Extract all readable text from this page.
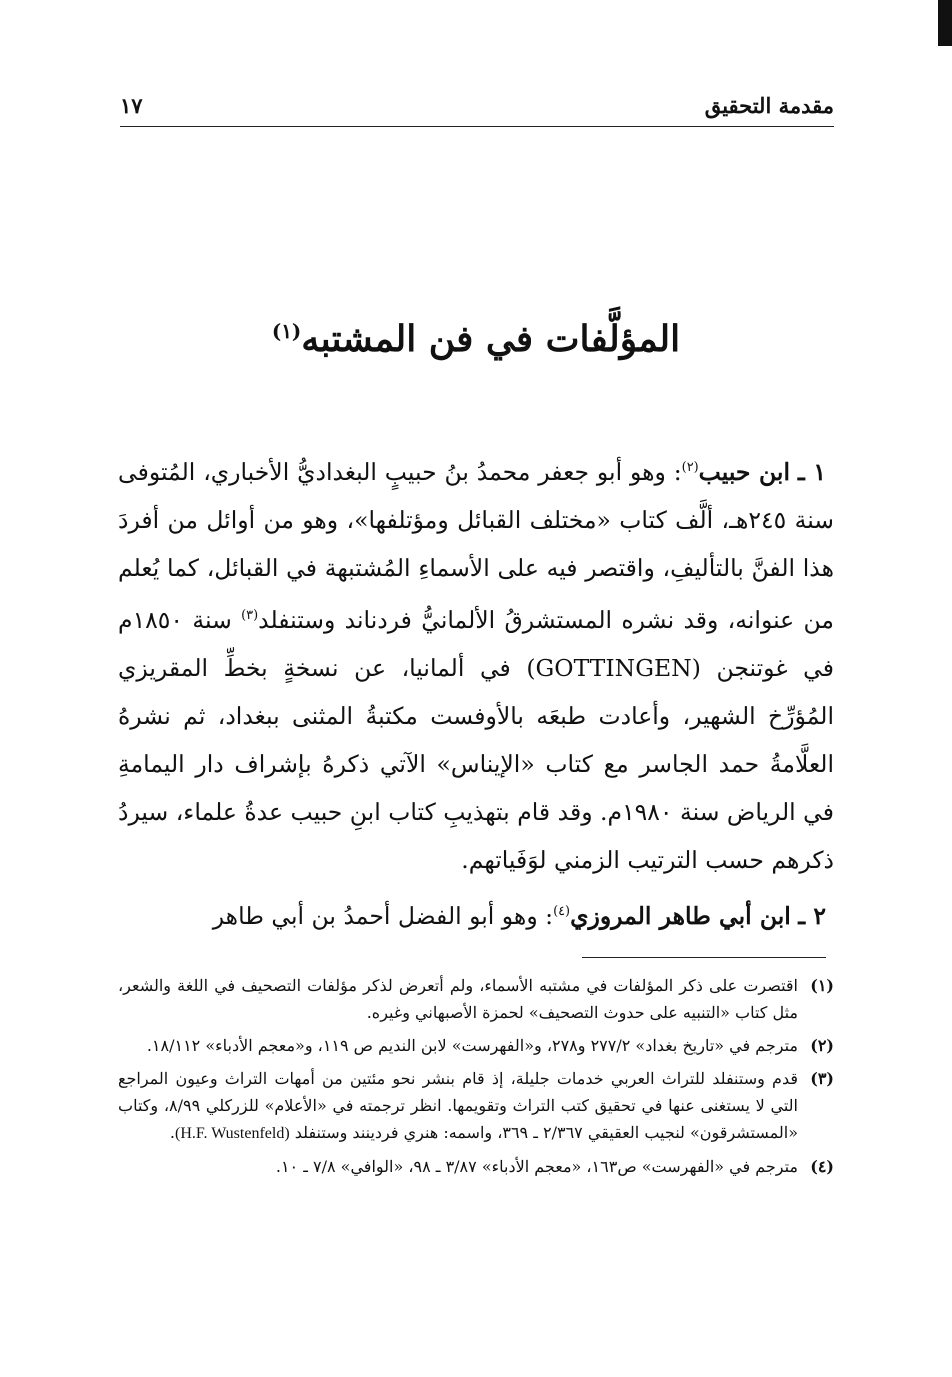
مقدمة التحقيق
١٧
المؤلَّفات في فن المشتبه$^{(١)}$

١ ـ ابن حبيب$^{(٢)}$: وهو أبو جعفر محمدُ بنُ حبيبٍ البغداديُّ الأخباري، المُتوفى سنة ٢٤٥هـ، ألَّف كتاب «مختلف القبائل ومؤتلفها»، وهو من أوائل من أفردَ هذا الفنَّ بالتأليفِ، واقتصر فيه على الأسماءِ المُشتبهة في القبائل، كما يُعلم من عنوانه، وقد نشره المستشرقُ الألمانيُّ فردناند وستنفلد$^{(٣)}$ سنة ١٨٥٠م في غوتنجن (GOTTINGEN) في ألمانيا، عن نسخةٍ بخطِّ المقريزي المُؤرِّخ الشهير، وأعادت طبعَه بالأوفست مكتبةُ المثنى ببغداد، ثم نشرهُ العلَّامةُ حمد الجاسر مع كتاب «الإيناس» الآتي ذكرهُ بإشراف دار اليمامةِ في الرياض سنة ١٩٨٠م. وقد قام بتهذيبِ كتاب ابنِ حبيب عدةُ علماء، سيردُ ذكرهم حسب الترتيب الزمني لوَفَياتهم.

٢ ـ ابن أبي طاهر المروزي$^{(٤)}$: وهو أبو الفضل أحمدُ بن أبي طاهر

(١)
اقتصرت على ذكر المؤلفات في مشتبه الأسماء، ولم أتعرض لذكر مؤلفات التصحيف في اللغة والشعر، مثل كتاب «التنبيه على حدوث التصحيف» لحمزة الأصبهاني وغيره.
(٢)
مترجم في «تاريخ بغداد» ٢٧٧/٢ و٢٧٨، و«الفهرست» لابن النديم ص ١١٩، و«معجم الأدباء» ١٨/١١٢.
(٣)
قدم وستنفلد للتراث العربي خدمات جليلة، إذ قام بنشر نحو مئتين من أمهات التراث وعيون المراجع التي لا يستغنى عنها في تحقيق كتب التراث وتقويمها. انظر ترجمته في «الأعلام» للزركلي ٨/٩٩، وكتاب «المستشرقون» لنجيب العقيقي ٢/٣٦٧ ـ ٣٦٩، واسمه: هنري فردينند وستنفلد (H.F. Wustenfeld).
(٤)
مترجم في «الفهرست» ص١٦٣، «معجم الأدباء» ٣/٨٧ ـ ٩٨، «الوافي» ٧/٨ ـ ١٠.
